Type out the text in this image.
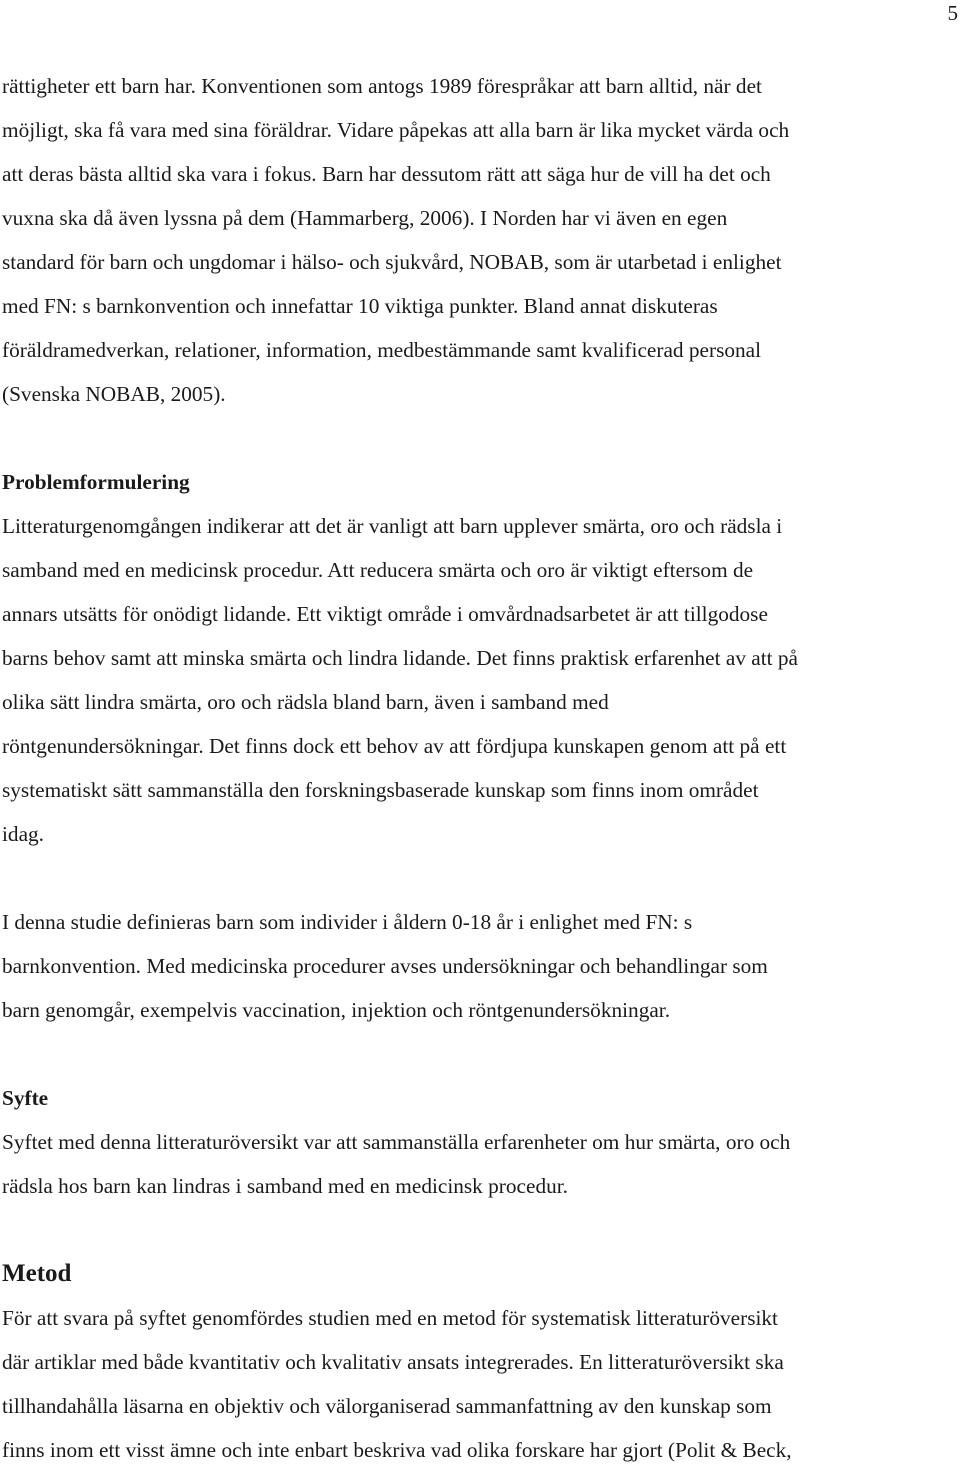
5
rättigheter ett barn har. Konventionen som antogs 1989 förespråkar att barn alltid, när det
möjligt, ska få vara med sina föräldrar. Vidare påpekas att alla barn är lika mycket värda och
att deras bästa alltid ska vara i fokus. Barn har dessutom rätt att säga hur de vill ha det och
vuxna ska då även lyssna på dem (Hammarberg, 2006). I Norden har vi även en egen
standard för barn och ungdomar i hälso- och sjukvård, NOBAB, som är utarbetad i enlighet
med FN: s barnkonvention och innefattar 10 viktiga punkter. Bland annat diskuteras
föräldramedverkan, relationer, information, medbestämmande samt kvalificerad personal
(Svenska NOBAB, 2005).
Problemformulering
Litteraturgenomgången indikerar att det är vanligt att barn upplever smärta, oro och rädsla i
samband med en medicinsk procedur. Att reducera smärta och oro är viktigt eftersom de
annars utsätts för onödigt lidande. Ett viktigt område i omvårdnadsarbetet är att tillgodose
barns behov samt att minska smärta och lindra lidande. Det finns praktisk erfarenhet av att på
olika sätt lindra smärta, oro och rädsla bland barn, även i samband med
röntgenundersökningar. Det finns dock ett behov av att fördjupa kunskapen genom att på ett
systematiskt sätt sammanställa den forskningsbaserade kunskap som finns inom området
idag.
I denna studie definieras barn som individer i åldern 0-18 år i enlighet med FN: s
barnkonvention. Med medicinska procedurer avses undersökningar och behandlingar som
barn genomgår, exempelvis vaccination, injektion och röntgenundersökningar.
Syfte
Syftet med denna litteraturöversikt var att sammanställa erfarenheter om hur smärta, oro och
rädsla hos barn kan lindras i samband med en medicinsk procedur.
Metod
För att svara på syftet genomfördes studien med en metod för systematisk litteraturöversikt
där artiklar med både kvantitativ och kvalitativ ansats integrerades. En litteraturöversikt ska
tillhandahålla läsarna en objektiv och välorganiserad sammanfattning av den kunskap som
finns inom ett visst ämne och inte enbart beskriva vad olika forskare har gjort (Polit & Beck,
